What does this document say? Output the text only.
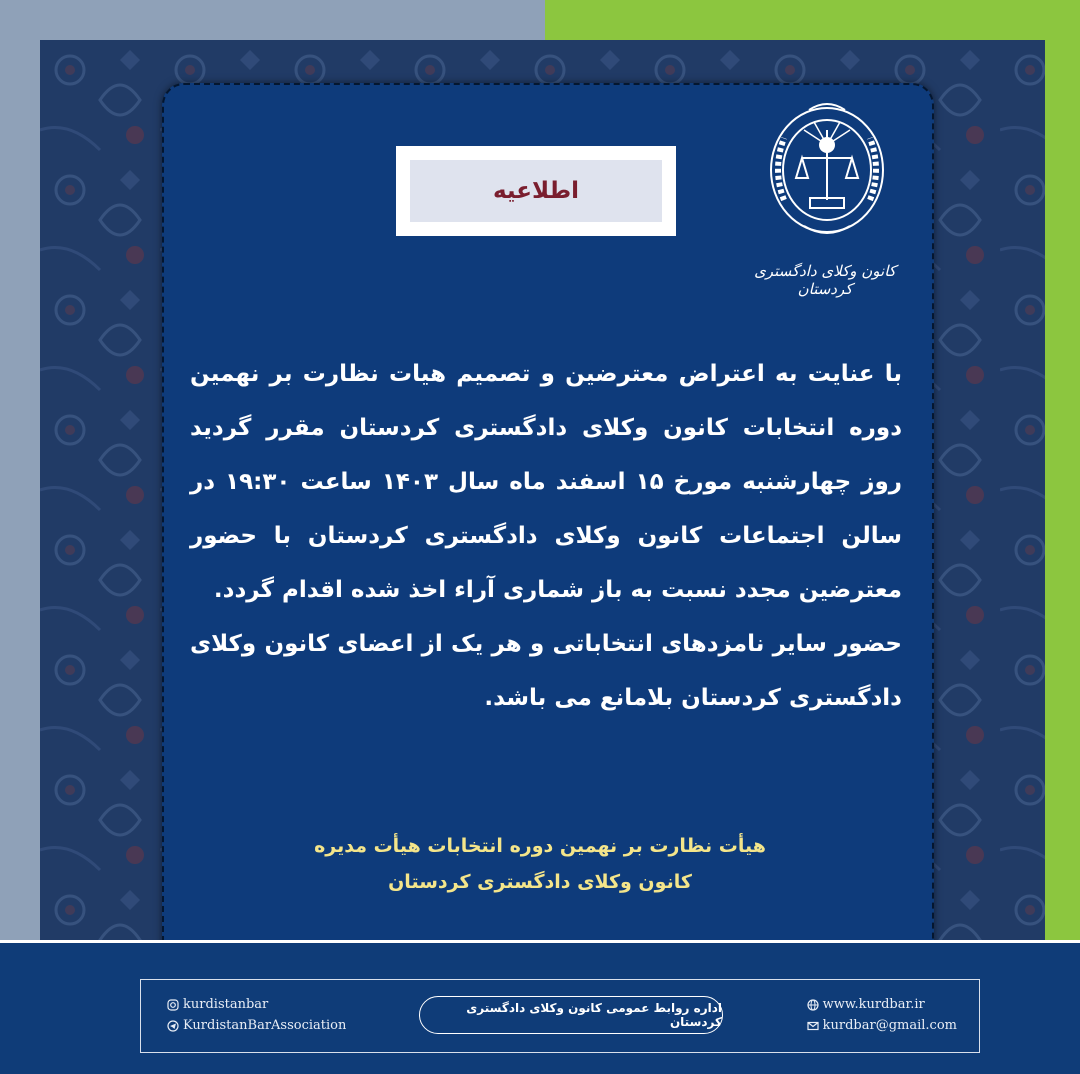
اطلاعیه
کانون وکلای دادگستری کردستان

با عنایت به اعتراض معترضین و تصمیم هیات نظارت بر نهمین دوره انتخابات کانون وکلای دادگستری کردستان مقرر گردید روز چهارشنبه مورخ ۱۵ اسفند ماه سال ۱۴۰۳ ساعت ۱۹:۳۰ در سالن اجتماعات کانون وکلای دادگستری کردستان با حضور معترضین مجدد نسبت به باز شماری آراء اخذ شده اقدام گردد.

حضور سایر نامزدهای انتخاباتی و هر یک از اعضای کانون وکلای دادگستری کردستان بلامانع می باشد.

هیأت نظارت بر نهمین دوره انتخابات هیأت مدیره
کانون وکلای دادگستری کردستان
kurdistanbar
KurdistanBarAssociation
اداره روابط عمومی کانون وکلای دادگستری کردستان
www.kurdbar.ir
kurdbar@gmail.com
